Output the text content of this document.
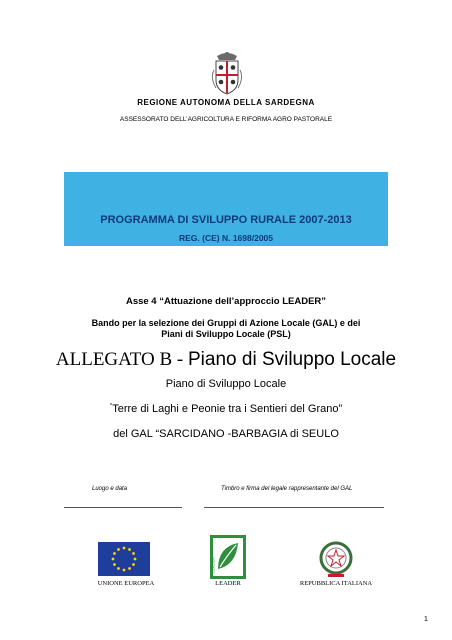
REGIONE AUTONOMA DELLA SARDEGNA
ASSESSORATO DELL’AGRICOLTURA E RIFORMA AGRO PASTORALE
PROGRAMMA DI SVILUPPO RURALE 2007-2013
REG. (CE) N. 1698/2005
Asse 4 “Attuazione dell’approccio LEADER”
Bando per la selezione dei Gruppi di Azione Locale (GAL) e dei
Piani di Sviluppo Locale (PSL)
ALLEGATO B - Piano di Sviluppo Locale
Piano di Sviluppo Locale
“Terre di Laghi e Peonie tra i Sentieri del Grano”
del GAL “SARCIDANO -BARBAGIA di SEULO
Luogo e data	Timbro e firma del legale rappresentante del GAL
LEADER
UNIONE EUROPEA	LEADER	REPUBBLICA ITALIANA
1
